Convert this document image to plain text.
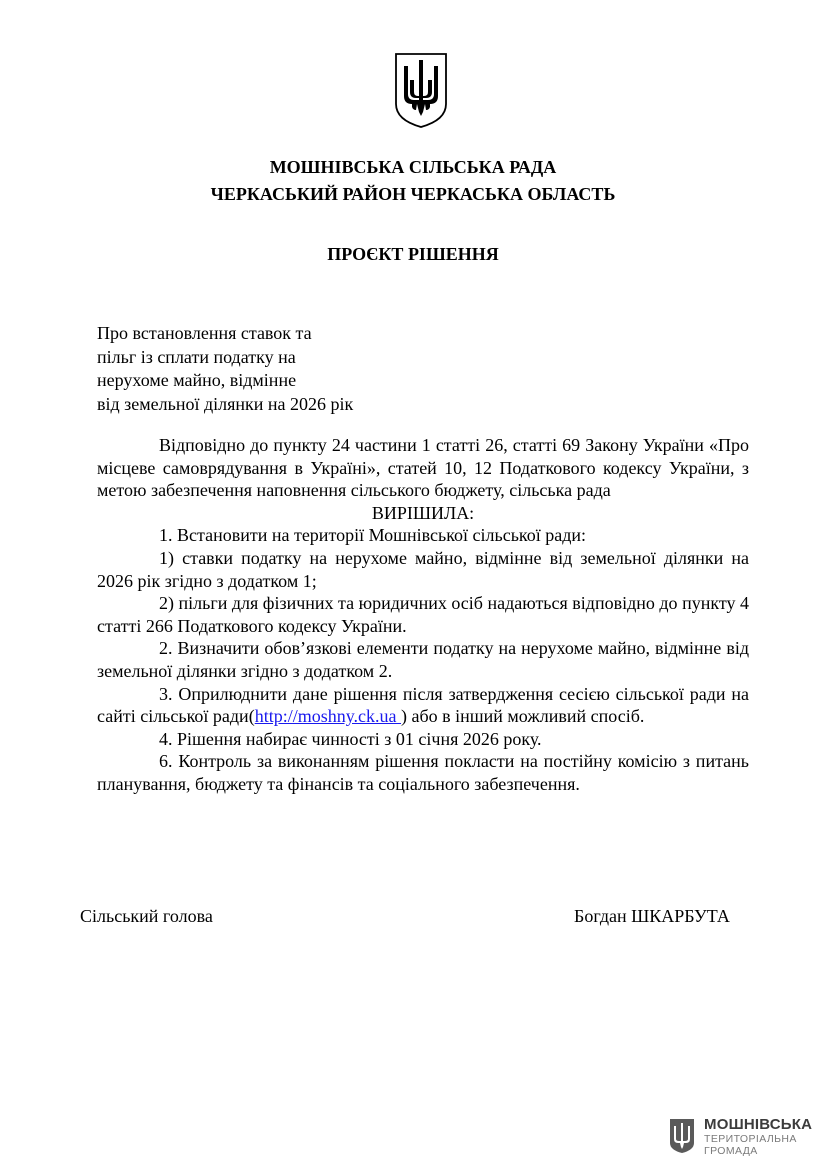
МОШНІВСЬКА СІЛЬСЬКА РАДА
ЧЕРКАСЬКИЙ РАЙОН ЧЕРКАСЬКА ОБЛАСТЬ
ПРОЄКТ РІШЕННЯ
Про встановлення ставок та
пільг із сплати податку на
нерухоме майно, відмінне
від земельної ділянки на 2026 рік

Відповідно до пункту 24 частини 1 статті 26, статті 69 Закону України «Про місцеве самоврядування в Україні», статей 10, 12 Податкового кодексу України, з метою забезпечення наповнення сільського бюджету, сільська рада

ВИРІШИЛА:

1. Встановити на території Мошнівської сільської ради:

1) ставки податку на нерухоме майно, відмінне від земельної ділянки на 2026 рік згідно з додатком 1;

2) пільги для фізичних та юридичних осіб надаються відповідно до пункту 4 статті 266 Податкового кодексу України.

2. Визначити обов’язкові елементи податку на нерухоме майно, відмінне від земельної ділянки згідно з додатком 2.

3. Оприлюднити дане рішення після затвердження сесією сільської ради на сайті сільської ради(http://moshny.ck.ua ) або в інший можливий спосіб.

4. Рішення набирає чинності з 01 січня 2026 року.

6. Контроль за виконанням рішення покласти на постійну комісію з питань планування, бюджету та фінансів та соціального забезпечення.

Сільський голова	Богдан ШКАРБУТА
МОШНІВСЬКА
ТЕРИТОРІАЛЬНА
ГРОМАДА
